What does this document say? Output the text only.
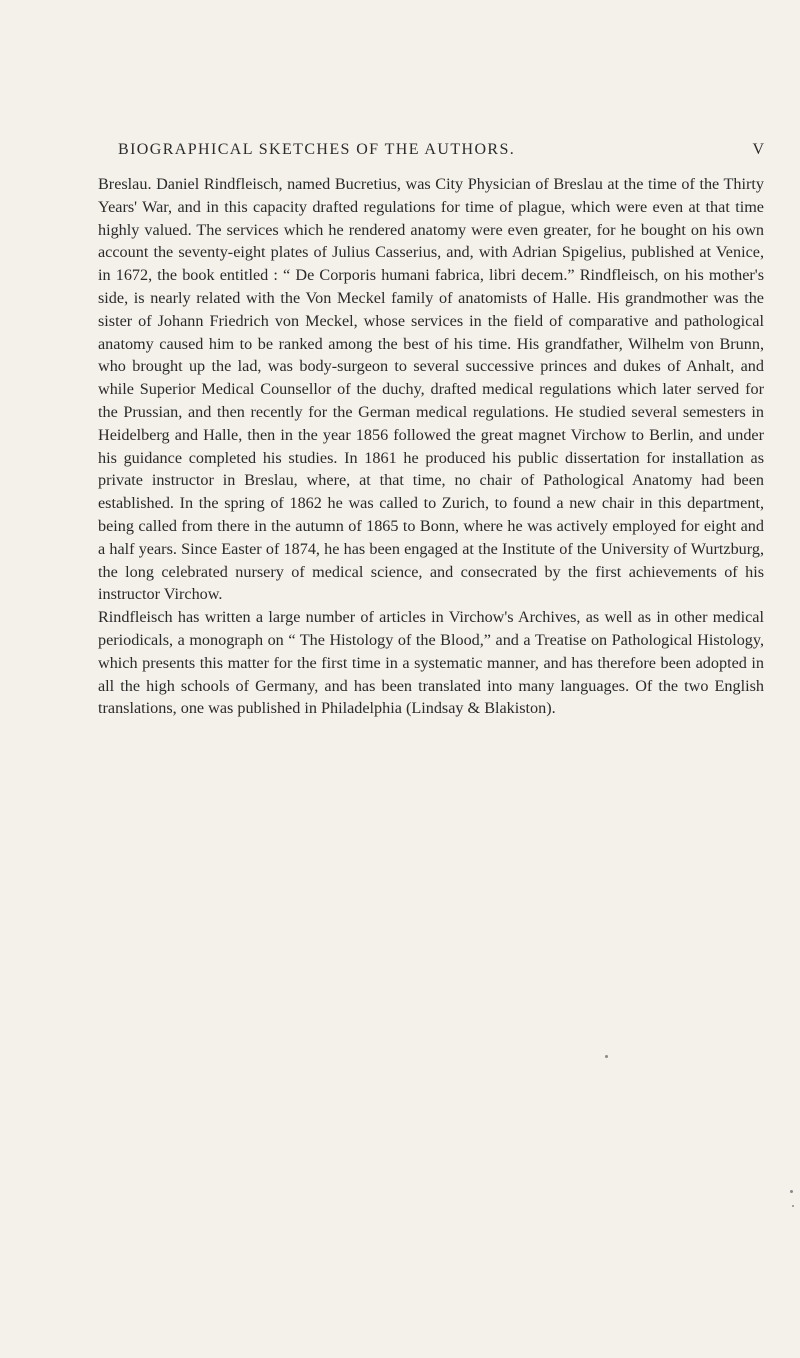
BIOGRAPHICAL SKETCHES OF THE AUTHORS.	V

Breslau. Daniel Rindfleisch, named Bucretius, was City Physician of Breslau at the time of the Thirty Years' War, and in this capacity drafted regulations for time of plague, which were even at that time highly valued. The services which he rendered anatomy were even greater, for he bought on his own account the seventy-eight plates of Julius Casserius, and, with Adrian Spigelius, published at Venice, in 1672, the book entitled : “ De Corporis humani fabrica, libri decem.” Rindfleisch, on his mother's side, is nearly related with the Von Meckel family of anatomists of Halle. His grandmother was the sister of Johann Friedrich von Meckel, whose services in the field of comparative and pathological anatomy caused him to be ranked among the best of his time. His grandfather, Wilhelm von Brunn, who brought up the lad, was body-surgeon to several successive princes and dukes of Anhalt, and while Superior Medical Counsellor of the duchy, drafted medical regulations which later served for the Prussian, and then recently for the German medical regulations. He studied several semesters in Heidelberg and Halle, then in the year 1856 followed the great magnet Virchow to Berlin, and under his guidance completed his studies. In 1861 he produced his public dissertation for installation as private instructor in Breslau, where, at that time, no chair of Pathological Anatomy had been established. In the spring of 1862 he was called to Zurich, to found a new chair in this department, being called from there in the autumn of 1865 to Bonn, where he was actively employed for eight and a half years. Since Easter of 1874, he has been engaged at the Institute of the University of Wurtzburg, the long celebrated nursery of medical science, and consecrated by the first achievements of his instructor Virchow.

Rindfleisch has written a large number of articles in Virchow's Archives, as well as in other medical periodicals, a monograph on “ The Histology of the Blood,” and a Treatise on Pathological Histology, which presents this matter for the first time in a systematic manner, and has therefore been adopted in all the high schools of Germany, and has been translated into many languages. Of the two English translations, one was published in Philadelphia (Lindsay & Blakiston).
